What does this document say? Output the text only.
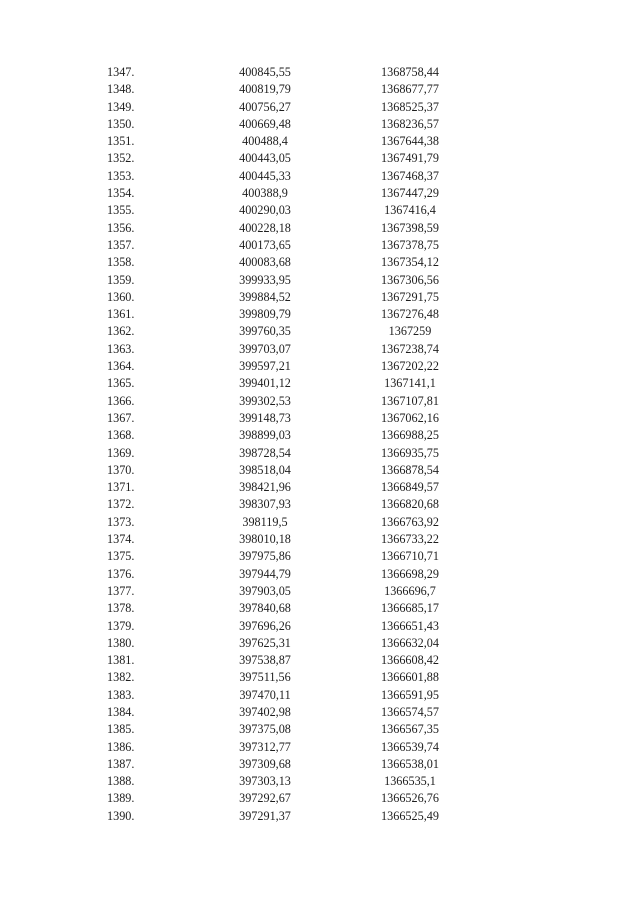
1347.	400845,55	1368758,44
1348.	400819,79	1368677,77
1349.	400756,27	1368525,37
1350.	400669,48	1368236,57
1351.	400488,4	1367644,38
1352.	400443,05	1367491,79
1353.	400445,33	1367468,37
1354.	400388,9	1367447,29
1355.	400290,03	1367416,4
1356.	400228,18	1367398,59
1357.	400173,65	1367378,75
1358.	400083,68	1367354,12
1359.	399933,95	1367306,56
1360.	399884,52	1367291,75
1361.	399809,79	1367276,48
1362.	399760,35	1367259
1363.	399703,07	1367238,74
1364.	399597,21	1367202,22
1365.	399401,12	1367141,1
1366.	399302,53	1367107,81
1367.	399148,73	1367062,16
1368.	398899,03	1366988,25
1369.	398728,54	1366935,75
1370.	398518,04	1366878,54
1371.	398421,96	1366849,57
1372.	398307,93	1366820,68
1373.	398119,5	1366763,92
1374.	398010,18	1366733,22
1375.	397975,86	1366710,71
1376.	397944,79	1366698,29
1377.	397903,05	1366696,7
1378.	397840,68	1366685,17
1379.	397696,26	1366651,43
1380.	397625,31	1366632,04
1381.	397538,87	1366608,42
1382.	397511,56	1366601,88
1383.	397470,11	1366591,95
1384.	397402,98	1366574,57
1385.	397375,08	1366567,35
1386.	397312,77	1366539,74
1387.	397309,68	1366538,01
1388.	397303,13	1366535,1
1389.	397292,67	1366526,76
1390.	397291,37	1366525,49
